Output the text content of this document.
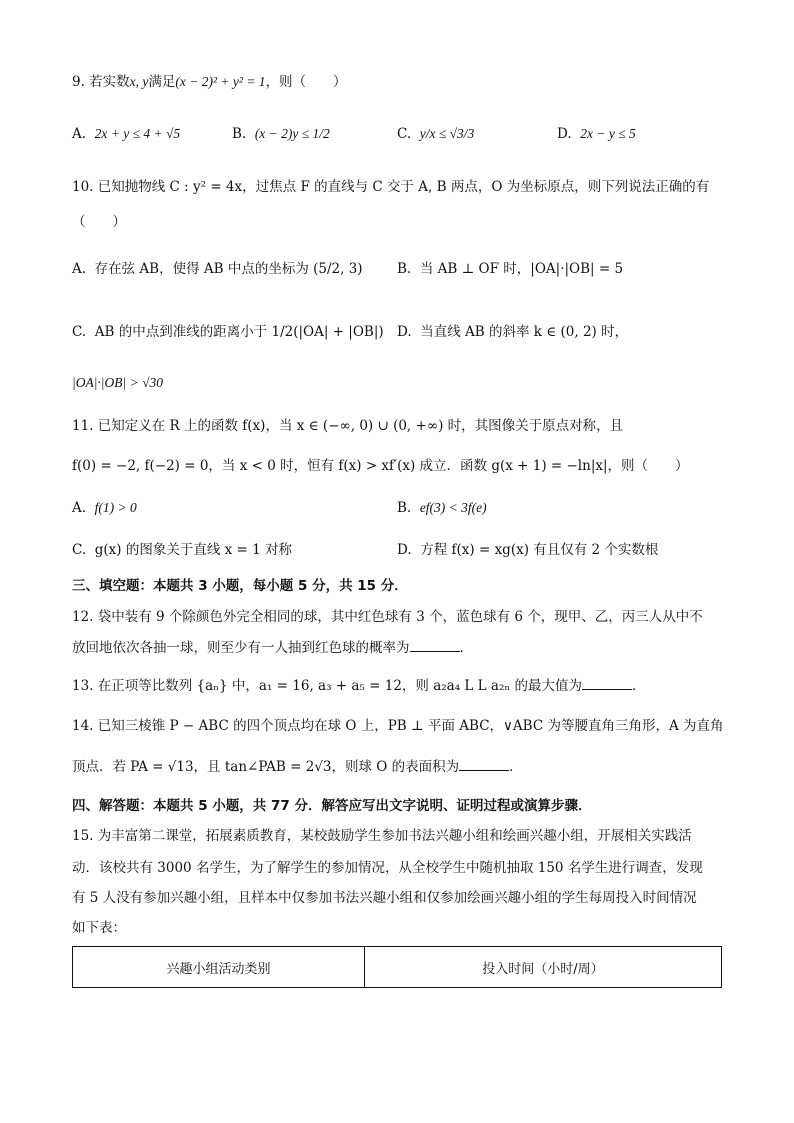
9. 若实数x, y满足(x − 2)² + y² = 1，则（　　）
A. 2x + y ≤ 4 + √5	B. (x − 2)y ≤ 1/2	C. y/x ≤ √3/3	D. 2x − y ≤ 5
10. 已知抛物线 C : y² = 4x，过焦点 F 的直线与 C 交于 A, B 两点，O 为坐标原点，则下列说法正确的有
（　　）
A. 存在弦 AB，使得 AB 中点的坐标为 (5/2, 3)	B. 当 AB ⊥ OF 时，|OA|·|OB| = 5
C. AB 的中点到准线的距离小于 1/2(|OA| + |OB|) D. 当直线 AB 的斜率 k ∈ (0, 2) 时，
|OA|·|OB| > √30
11. 已知定义在 R 上的函数 f(x)，当 x ∈ (−∞, 0) ∪ (0, +∞) 时，其图像关于原点对称，且
f(0) = −2, f(−2) = 0，当 x < 0 时，恒有 f(x) > xf′(x) 成立．函数 g(x + 1) = −ln|x|，则（　　）
A. f(1) > 0	B. ef(3) < 3f(e)
C. g(x) 的图象关于直线 x = 1 对称	D. 方程 f(x) = xg(x) 有且仅有 2 个实数根
三、填空题：本题共 3 小题，每小题 5 分，共 15 分．
12. 袋中装有 9 个除颜色外完全相同的球，其中红色球有 3 个，蓝色球有 6 个，现甲、乙，丙三人从中不
放回地依次各抽一球，则至少有一人抽到红色球的概率为	．
13. 在正项等比数列 {aₙ} 中，a₁ = 16, a₃ + a₅ = 12，则 a₂a₄ L L a₂ₙ 的最大值为	．
14. 已知三棱锥 P − ABC 的四个顶点均在球 O 上，PB ⊥ 平面 ABC，∨ABC 为等腰直角三角形，A 为直角
顶点．若 PA = √13，且 tan∠PAB = 2√3，则球 O 的表面积为	．
四、解答题：本题共 5 小题，共 77 分．解答应写出文字说明、证明过程或演算步骤．
15. 为丰富第二课堂，拓展素质教育，某校鼓励学生参加书法兴趣小组和绘画兴趣小组，开展相关实践活
动．该校共有 3000 名学生，为了解学生的参加情况，从全校学生中随机抽取 150 名学生进行调查，发现
有 5 人没有参加兴趣小组，且样本中仅参加书法兴趣小组和仅参加绘画兴趣小组的学生每周投入时间情况
如下表：
兴趣小组活动类别	投入时间（小时/周）
